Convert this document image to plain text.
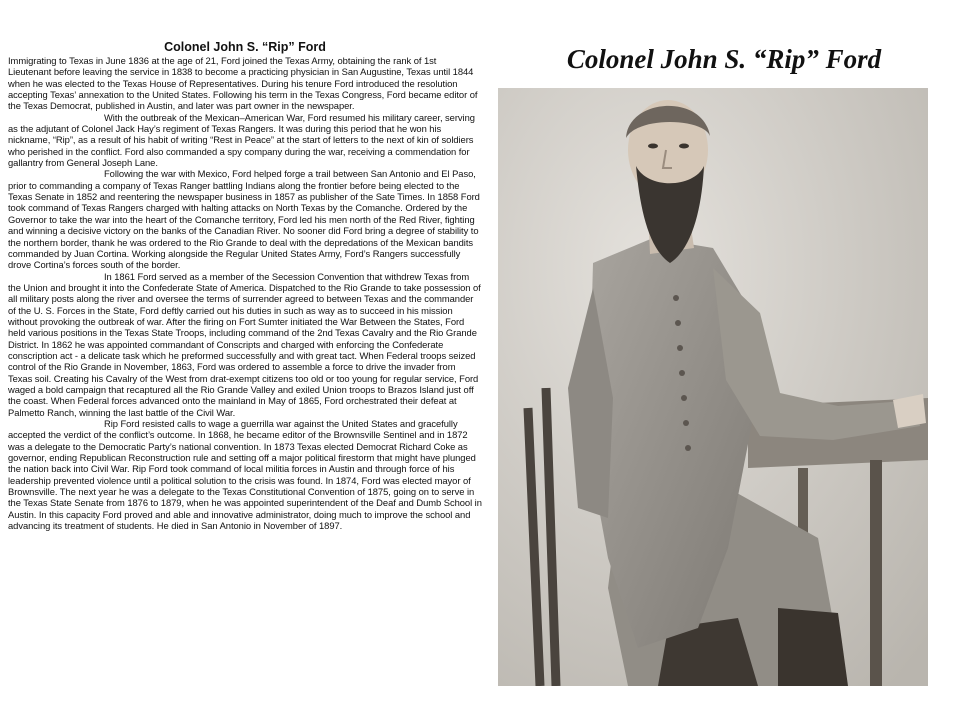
Colonel John S. “Rip” Ford

Immigrating to Texas in June 1836 at the age of 21, Ford joined the Texas Army, obtaining the rank of 1st Lieutenant before leaving the service in 1838 to become a practicing physician in San Augustine, Texas until 1844 when he was elected to the Texas House of Representatives. During his tenure Ford introduced the resolution accepting Texas’ annexation to the United States. Following his term in the Texas Congress, Ford became editor of the Texas Democrat, published in Austin, and later was part owner in the newspaper.

With the outbreak of the Mexican–American War, Ford resumed his military career, serving as the adjutant of Colonel Jack Hay’s regiment of Texas Rangers. It was during this period that he won his nickname, “Rip”, as a result of his habit of writing “Rest in Peace” at the start of letters to the next of kin of soldiers who perished in the conflict. Ford also commanded a spy company during the war, receiving a commendation for gallantry from General Joseph Lane.

Following the war with Mexico, Ford helped forge a trail between San Antonio and El Paso, prior to commanding a company of Texas Ranger battling Indians along the frontier before being elected to the Texas Senate in 1852 and reentering the newspaper business in 1857 as publisher of the Sate Times. In 1858 Ford took command of Texas Rangers charged with halting attacks on North Texas by the Comanche. Ordered by the Governor to take the war into the heart of the Comanche territory, Ford led his men north of the Red River, fighting and winning a decisive victory on the banks of the Canadian River. No sooner did Ford bring a degree of stability to the northern border, thank he was ordered to the Rio Grande to deal with the depredations of the Mexican bandits commanded by Juan Cortina. Working alongside the Regular United States Army, Ford’s Rangers successfully drove Cortina’s forces south of the border.

In 1861 Ford served as a member of the Secession Convention that withdrew Texas from the Union and brought it into the Confederate State of America. Dispatched to the Rio Grande to take possession of all military posts along the river and oversee the terms of surrender agreed to between Texas and the commander of the U. S. Forces in the State, Ford deftly carried out his duties in such as way as to succeed in his mission without provoking the outbreak of war. After the firing on Fort Sumter initiated the War Between the States, Ford held various positions in the Texas State Troops, including command of the 2nd Texas Cavalry and the Rio Grande District. In 1862 he was appointed commandant of Conscripts and charged with enforcing the Confederate conscription act - a delicate task which he preformed successfully and with great tact. When Federal troops seized control of the Rio Grande in November, 1863, Ford was ordered to assemble a force to drive the invader from Texas soil. Creating his Cavalry of the West from drat-exempt citizens too old or too young for regular service, Ford waged a bold campaign that recaptured all the Rio Grande Valley and exiled Union troops to Brazos Island just off the coast. When Federal forces advanced onto the mainland in May of 1865, Ford orchestrated their defeat at Palmetto Ranch, winning the last battle of the Civil War.

Rip Ford resisted calls to wage a guerrilla war against the United States and gracefully accepted the verdict of the conflict’s outcome. In 1868, he became editor of the Brownsville Sentinel and in 1872 was a delegate to the Democratic Party’s national convention. In 1873 Texas elected Democrat Richard Coke as governor, ending Republican Reconstruction rule and setting off a major political firestorm that might have plunged the nation back into Civil War. Rip Ford took command of local militia forces in Austin and through force of his leadership prevented violence until a political solution to the crisis was found. In 1874, Ford was elected mayor of Brownsville. The next year he was a delegate to the Texas Constitutional Convention of 1875, going on to serve in the Texas State Senate from 1876 to 1879, when he was appointed superintendent of the Deaf and Dumb School in Austin. In this capacity Ford proved and able and innovative administrator, doing much to improve the school and advancing its treatment of students. He died in San Antonio in November of 1897.

Colonel John S. “Rip” Ford
